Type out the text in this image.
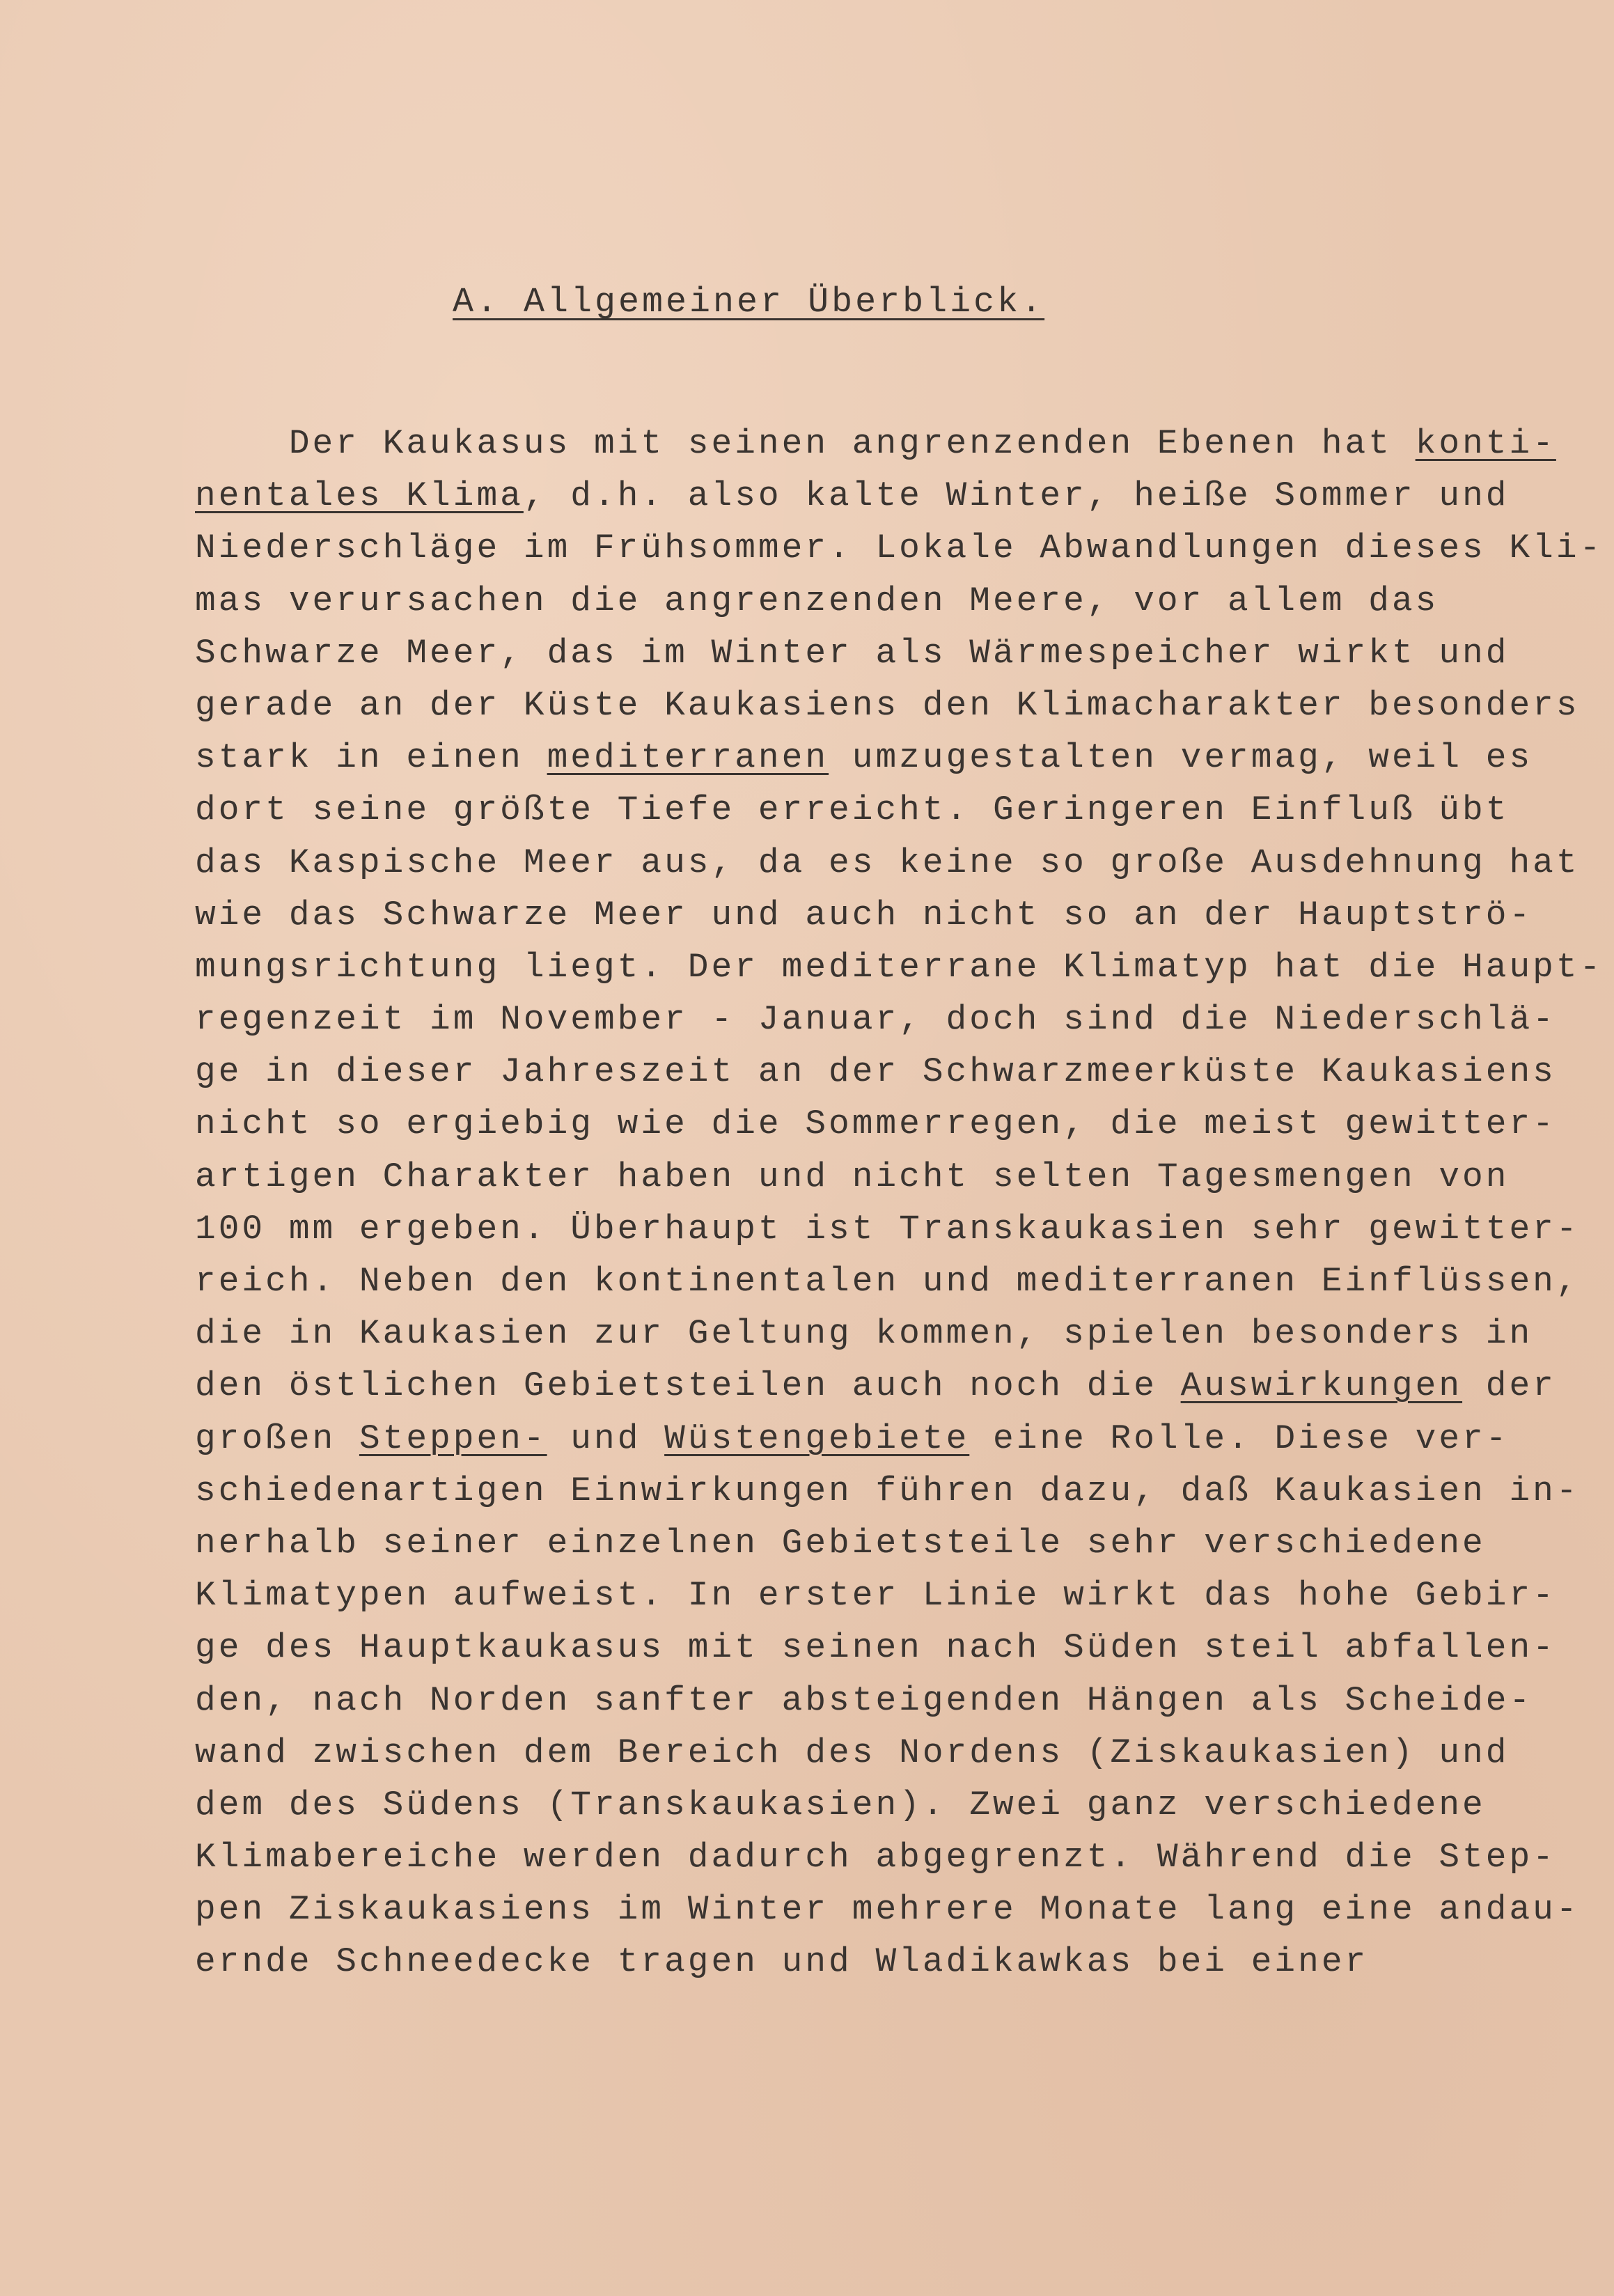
A. Allgemeiner Überblick.
Der Kaukasus mit seinen angrenzenden Ebenen hat konti-
nentales Klima, d.h. also kalte Winter, heiße Sommer und
Niederschläge im Frühsommer. Lokale Abwandlungen dieses Kli-
mas verursachen die angrenzenden Meere, vor allem das
Schwarze Meer, das im Winter als Wärmespeicher wirkt und
gerade an der Küste Kaukasiens den Klimacharakter besonders
stark in einen mediterranen umzugestalten vermag, weil es
dort seine größte Tiefe erreicht. Geringeren Einfluß übt
das Kaspische Meer aus, da es keine so große Ausdehnung hat
wie das Schwarze Meer und auch nicht so an der Hauptströ-
mungsrichtung liegt. Der mediterrane Klimatyp hat die Haupt-
regenzeit im November - Januar, doch sind die Niederschlä-
ge in dieser Jahreszeit an der Schwarzmeerküste Kaukasiens
nicht so ergiebig wie die Sommerregen, die meist gewitter-
artigen Charakter haben und nicht selten Tagesmengen von
100 mm ergeben. Überhaupt ist Transkaukasien sehr gewitter-
reich. Neben den kontinentalen und mediterranen Einflüssen,
die in Kaukasien zur Geltung kommen, spielen besonders in
den östlichen Gebietsteilen auch noch die Auswirkungen der
großen Steppen- und Wüstengebiete eine Rolle. Diese ver-
schiedenartigen Einwirkungen führen dazu, daß Kaukasien in-
nerhalb seiner einzelnen Gebietsteile sehr verschiedene
Klimatypen aufweist. In erster Linie wirkt das hohe Gebir-
ge des Hauptkaukasus mit seinen nach Süden steil abfallen-
den, nach Norden sanfter absteigenden Hängen als Scheide-
wand zwischen dem Bereich des Nordens (Ziskaukasien) und
dem des Südens (Transkaukasien). Zwei ganz verschiedene
Klimabereiche werden dadurch abgegrenzt. Während die Step-
pen Ziskaukasiens im Winter mehrere Monate lang eine andau-
ernde Schneedecke tragen und Wladikawkas bei einer
